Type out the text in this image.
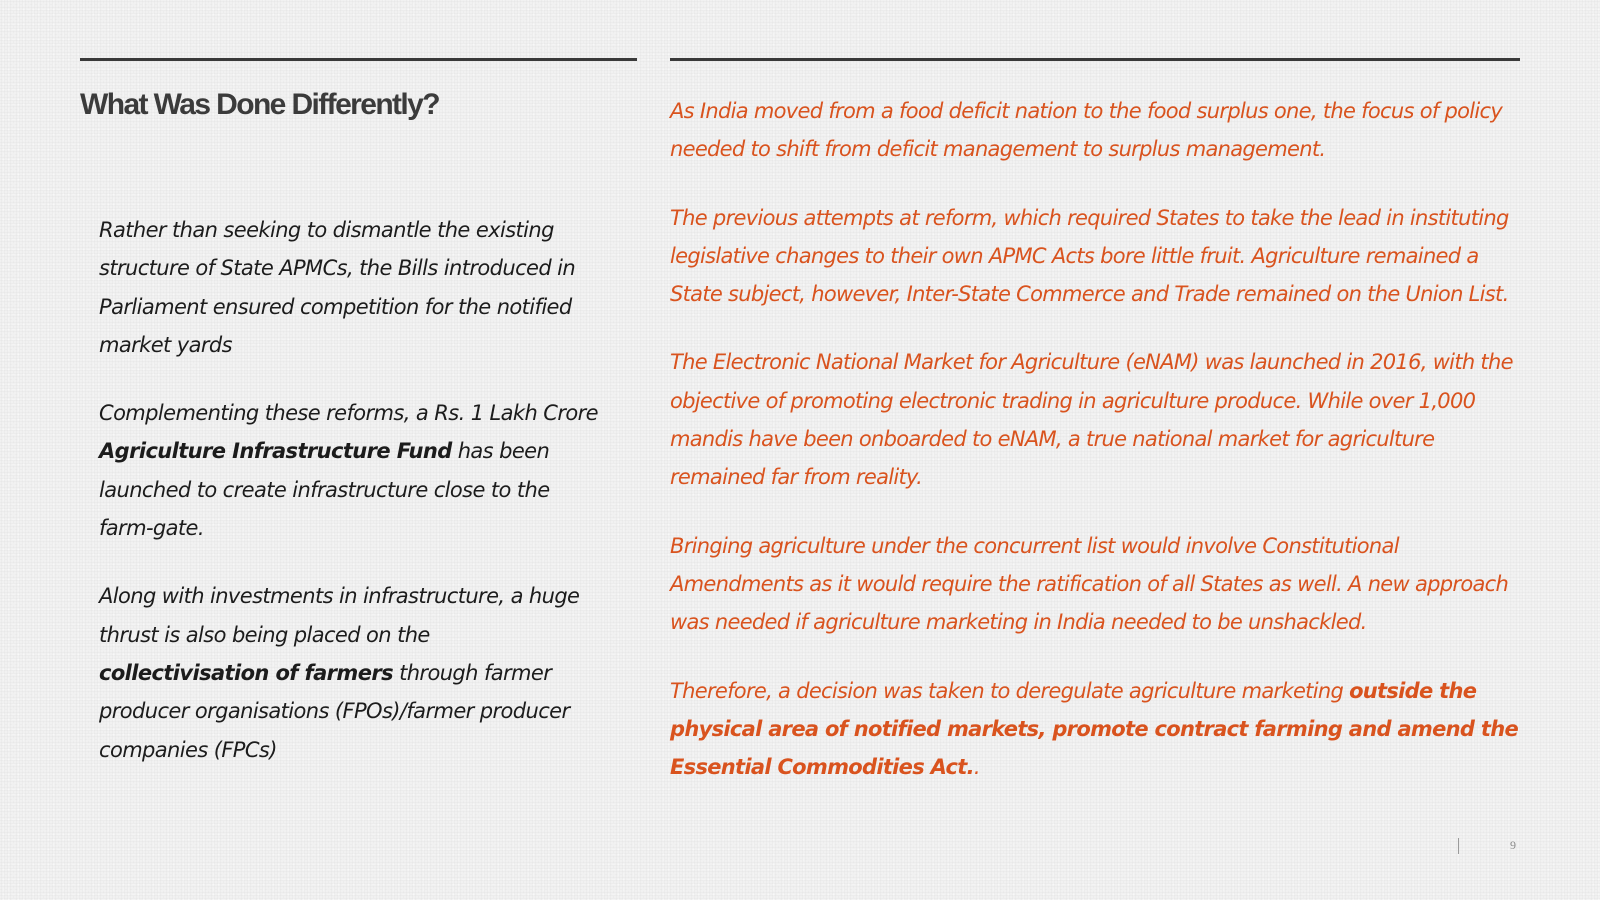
What Was Done Differently?

Rather than seeking to dismantle the existing structure of State APMCs, the Bills introduced in Parliament ensured competition for the notified market yards

Complementing these reforms, a Rs. 1 Lakh Crore Agriculture Infrastructure Fund has been launched to create infrastructure close to the farm-gate.

Along with investments in infrastructure, a huge thrust is also being placed on the collectivisation of farmers through farmer producer organisations (FPOs)/farmer producer companies (FPCs)

As India moved from a food deficit nation to the food surplus one, the focus of policy needed to shift from deficit management to surplus management.

The previous attempts at reform, which required States to take the lead in instituting legislative changes to their own APMC Acts bore little fruit. Agriculture remained a State subject, however, Inter-State Commerce and Trade remained on the Union List.

The Electronic National Market for Agriculture (eNAM) was launched in 2016, with the objective of promoting electronic trading in agriculture produce. While over 1,000 mandis have been onboarded to eNAM, a true national market for agriculture remained far from reality.

Bringing agriculture under the concurrent list would involve Constitutional Amendments as it would require the ratification of all States as well. A new approach was needed if agriculture marketing in India needed to be unshackled.

Therefore, a decision was taken to deregulate agriculture marketing outside the physical area of notified markets, promote contract farming and amend the Essential Commodities Act..

9
